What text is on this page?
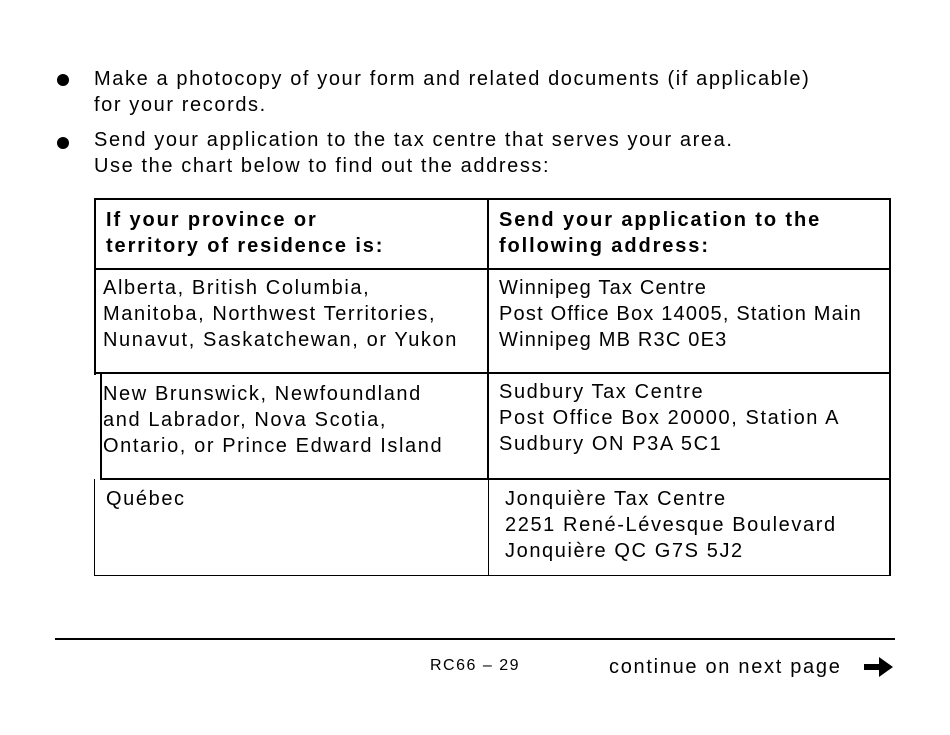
Make a photocopy of your form and related documents (if applicable)
for your records.

Send your application to the tax centre that serves your area.
Use the chart below to find out the address:

If your province or
territory of residence is:

Send your application to the
following address:

Alberta, British Columbia,
Manitoba, Northwest Territories,
Nunavut, Saskatchewan, or Yukon

Winnipeg Tax Centre
Post Office Box 14005, Station Main
Winnipeg MB R3C 0E3

New Brunswick, Newfoundland
and Labrador, Nova Scotia,
Ontario, or Prince Edward Island

Sudbury Tax Centre
Post Office Box 20000, Station A
Sudbury ON P3A 5C1

Québec	Jonquière Tax Centre
2251 René-Lévesque Boulevard
Jonquière QC G7S 5J2

RC66 – 29	continue on next page
